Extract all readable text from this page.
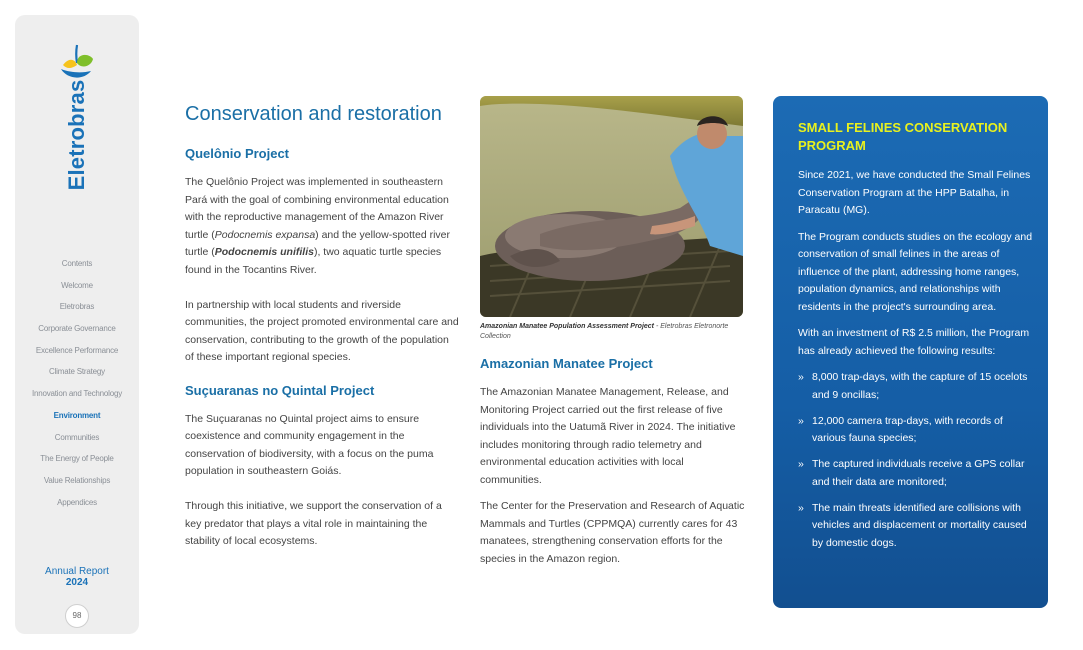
Eletrobras
Contents
Welcome
Eletrobras
Corporate Governance
Excellence Performance
Climate Strategy
Innovation and Technology
Environment
Communities
The Energy of People
Value Relationships
Appendices
Annual Report
2024
98
Conservation and restoration
Quelônio Project

The Quelônio Project was implemented in southeastern Pará with the goal of combining environmental education with the reproductive management of the Amazon River turtle (Podocnemis expansa) and the yellow-spotted river turtle (Podocnemis unifilis), two aquatic turtle species found in the Tocantins River.

In partnership with local students and riverside communities, the project promoted environmental care and conservation, contributing to the growth of the population of these important regional species.

Suçuaranas no Quintal Project

The Suçuaranas no Quintal project aims to ensure coexistence and community engagement in the conservation of biodiversity, with a focus on the puma population in southeastern Goiás.

Through this initiative, we support the conservation of a key predator that plays a vital role in maintaining the stability of local ecosystems.

Amazonian Manatee Population Assessment Project - Eletrobras Eletronorte Collection
Amazonian Manatee Project

The Amazonian Manatee Management, Release, and Monitoring Project carried out the first release of five individuals into the Uatumã River in 2024. The initiative includes monitoring through radio telemetry and environmental education activities with local communities.

The Center for the Preservation and Research of Aquatic Mammals and Turtles (CPPMQA) currently cares for 43 manatees, strengthening conservation efforts for the species in the Amazon region.

SMALL FELINES CONSERVATION PROGRAM

Since 2021, we have conducted the Small Felines Conservation Program at the HPP Batalha, in Paracatu (MG).

The Program conducts studies on the ecology and conservation of small felines in the areas of influence of the plant, addressing home ranges, population dynamics, and relationships with residents in the project's surrounding area.

With an investment of R$ 2.5 million, the Program has already achieved the following results:

» 8,000 trap-days, with the capture of 15 ocelots and 9 oncillas;
» 12,000 camera trap-days, with records of various fauna species;
» The captured individuals receive a GPS collar and their data are monitored;
» The main threats identified are collisions with vehicles and displacement or mortality caused by domestic dogs.
